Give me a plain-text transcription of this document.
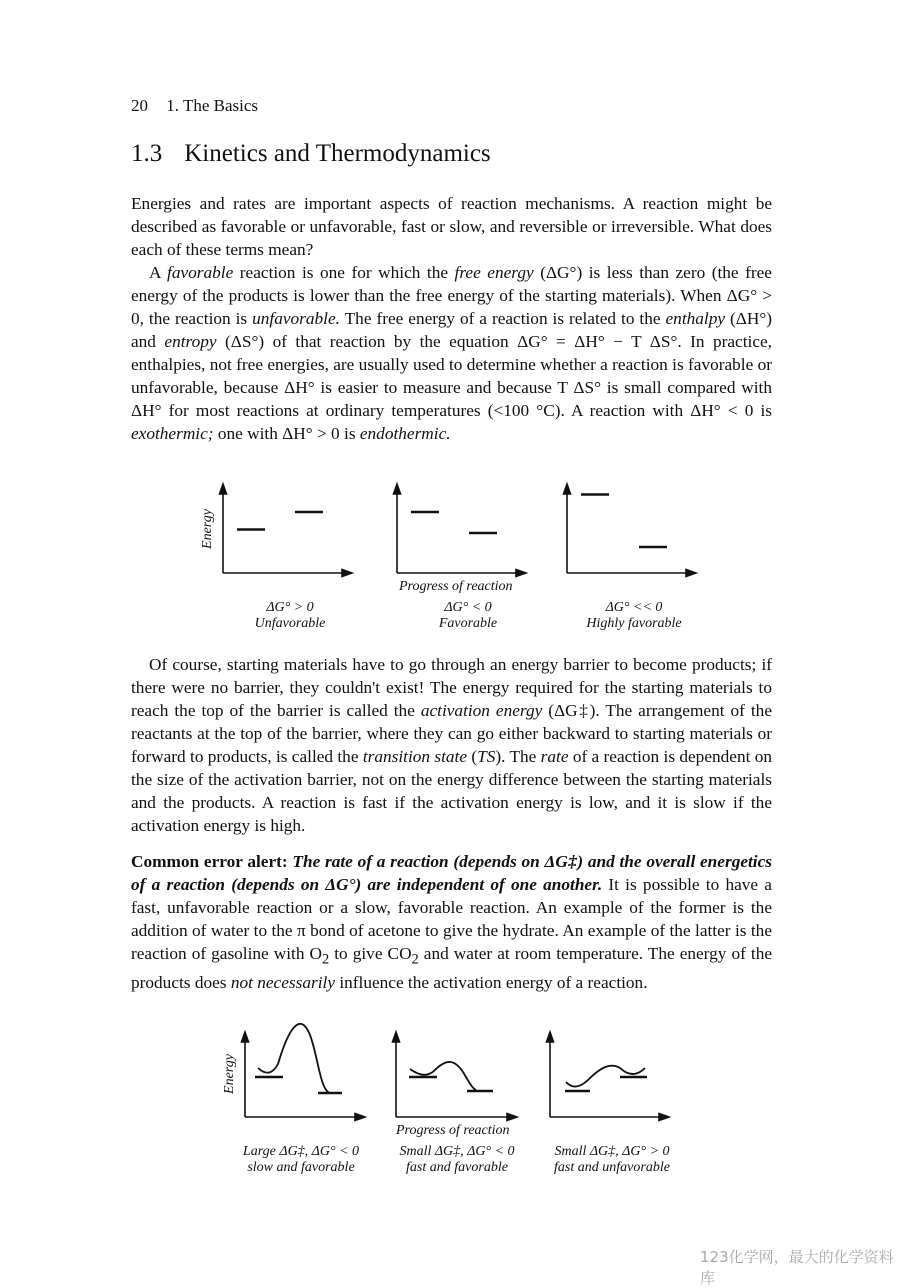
20 1. The Basics
1.3 Kinetics and Thermodynamics

Energies and rates are important aspects of reaction mechanisms. A reaction might be described as favorable or unfavorable, fast or slow, and reversible or irreversible. What does each of these terms mean?

A favorable reaction is one for which the free energy (ΔG°) is less than zero (the free energy of the products is lower than the free energy of the starting materials). When ΔG° > 0, the reaction is unfavorable. The free energy of a reaction is related to the enthalpy (ΔH°) and entropy (ΔS°) of that reaction by the equation ΔG° = ΔH° − T ΔS°. In practice, enthalpies, not free energies, are usually used to determine whether a reaction is favorable or unfavorable, because ΔH° is easier to measure and because T ΔS° is small compared with ΔH° for most reactions at ordinary temperatures (<100 °C). A reaction with ΔH° < 0 is exothermic; one with ΔH° > 0 is endothermic.

Energy
Progress of reaction
ΔG° > 0
Unfavorable
ΔG° < 0
Favorable
ΔG° << 0
Highly favorable

Of course, starting materials have to go through an energy barrier to become products; if there were no barrier, they couldn't exist! The energy required for the starting materials to reach the top of the barrier is called the activation energy (ΔG‡). The arrangement of the reactants at the top of the barrier, where they can go either backward to starting materials or forward to products, is called the transition state (TS). The rate of a reaction is dependent on the size of the activation barrier, not on the energy difference between the starting materials and the products. A reaction is fast if the activation energy is low, and it is slow if the activation energy is high.

Common error alert: The rate of a reaction (depends on ΔG‡) and the overall energetics of a reaction (depends on ΔG°) are independent of one another. It is possible to have a fast, unfavorable reaction or a slow, favorable reaction. An example of the former is the addition of water to the π bond of acetone to give the hydrate. An example of the latter is the reaction of gasoline with $O_2$ to give $CO_2$ and water at room temperature. The energy of the products does not necessarily influence the activation energy of a reaction.

Energy
Progress of reaction
Large ΔG‡, ΔG° < 0
slow and favorable
Small ΔG‡, ΔG° < 0
fast and favorable
Small ΔG‡, ΔG° > 0
fast and unfavorable
123化学网，最大的化学资料库
